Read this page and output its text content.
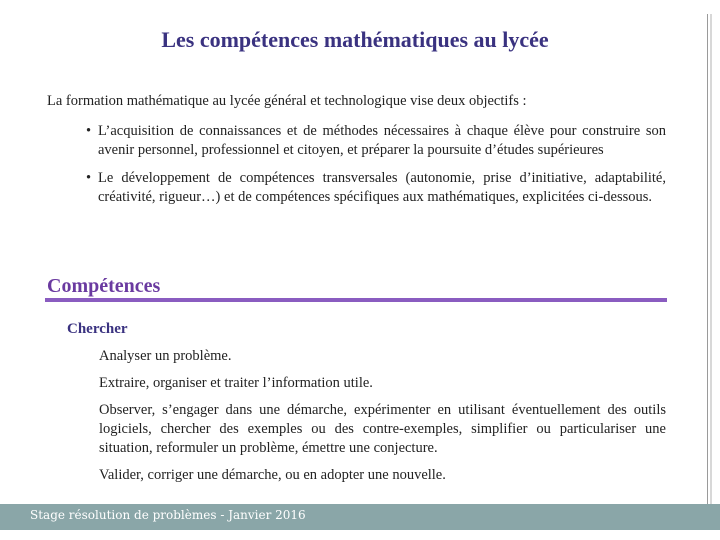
Les compétences mathématiques au lycée
La formation mathématique au lycée général et technologique vise deux objectifs :
• L’acquisition de connaissances et de méthodes nécessaires à chaque élève pour construire son avenir personnel, professionnel et citoyen, et préparer la poursuite d’études supérieures
• Le développement de compétences transversales (autonomie, prise d’initiative, adaptabilité, créativité, rigueur…) et de compétences spécifiques aux mathématiques, explicitées ci-dessous.
Compétences
Chercher
Analyser un problème.
Extraire, organiser et traiter l’information utile.
Observer, s’engager dans une démarche, expérimenter en utilisant éventuellement des outils logiciels, chercher des exemples ou des contre-exemples, simplifier ou particulariser une situation, reformuler un problème, émettre une conjecture.
Valider, corriger une démarche, ou en adopter une nouvelle.
Stage résolution de problèmes - Janvier 2016
